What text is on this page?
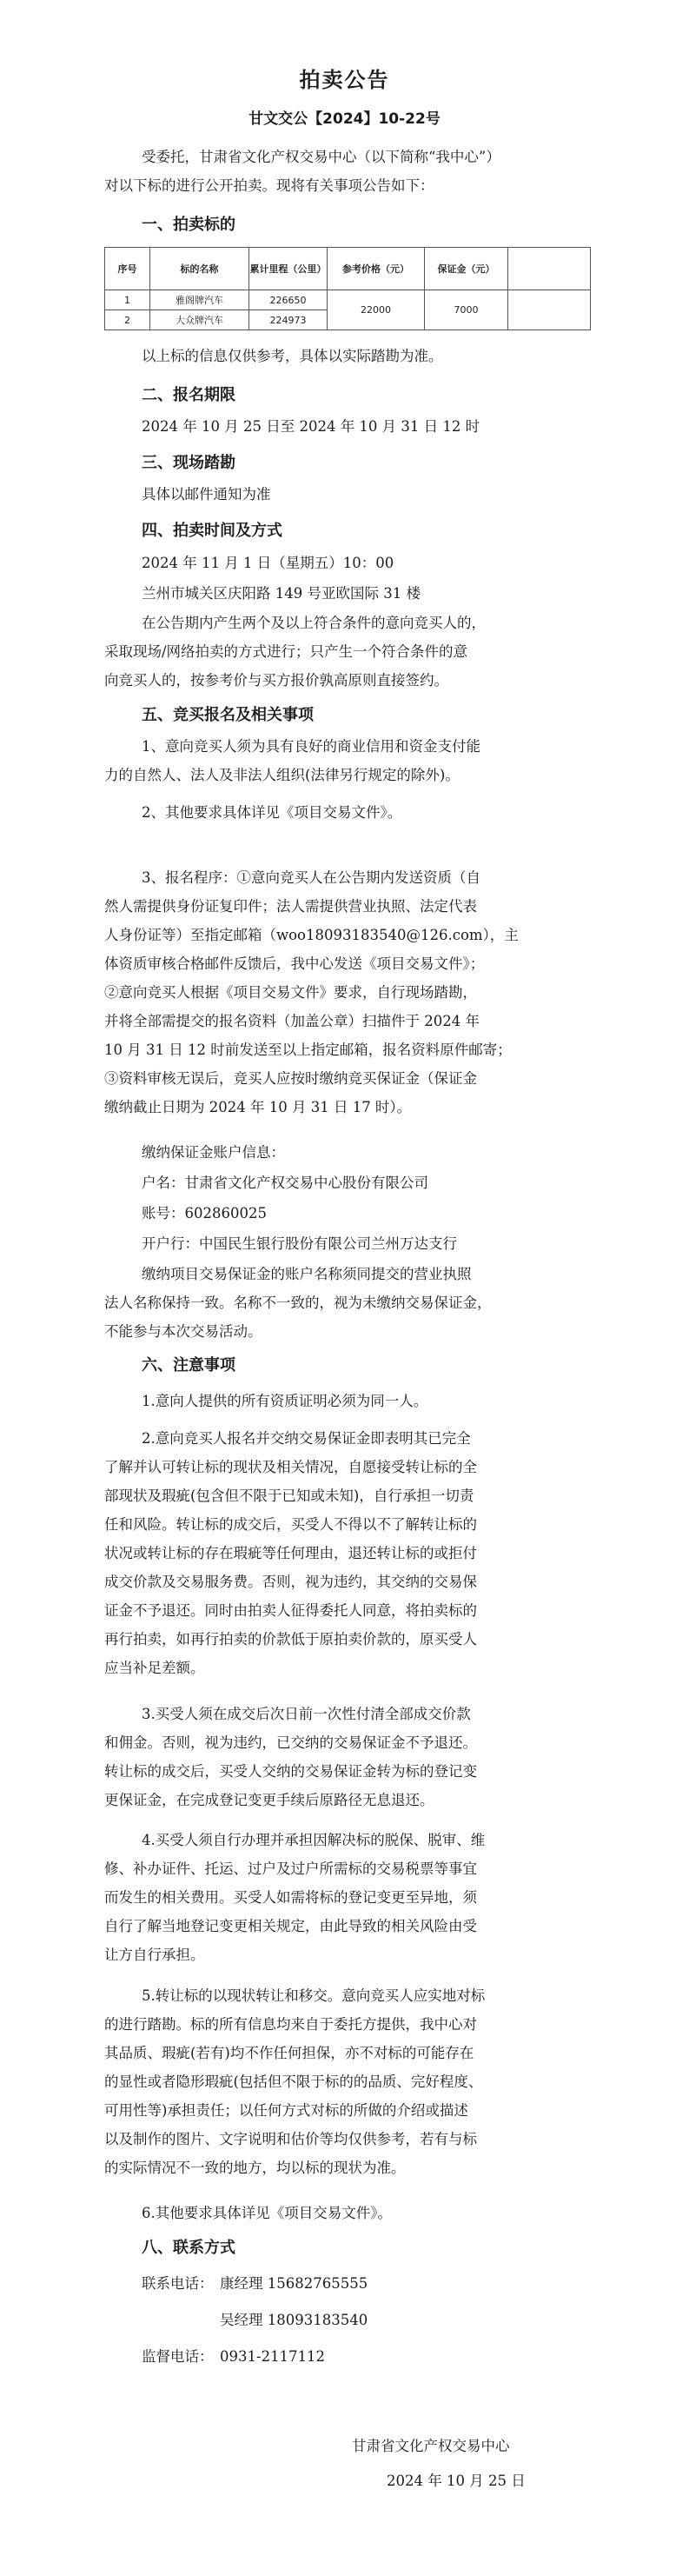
拍卖公告
甘文交公【2024】10-22号
受委托，甘肃省文化产权交易中心（以下简称“我中心”）
对以下标的进行公开拍卖。现将有关事项公告如下：
一、拍卖标的
序号	标的名称	累计里程（公里）	参考价格（元）	保证金（元）	
1	雅阁牌汽车	226650	22000	7000	
2	大众牌汽车	224973			
以上标的信息仅供参考，具体以实际踏勘为准。
二、报名期限
2024 年 10 月 25 日至 2024 年 10 月 31 日 12 时
三、现场踏勘
具体以邮件通知为准
四、拍卖时间及方式
2024 年 11 月 1 日（星期五）10：00
兰州市城关区庆阳路 149 号亚欧国际 31 楼
在公告期内产生两个及以上符合条件的意向竞买人的，
采取现场/网络拍卖的方式进行；只产生一个符合条件的意
向竞买人的，按参考价与买方报价孰高原则直接签约。
五、竞买报名及相关事项
1、意向竞买人须为具有良好的商业信用和资金支付能
力的自然人、法人及非法人组织(法律另行规定的除外)。
2、其他要求具体详见《项目交易文件》。
3、报名程序：①意向竞买人在公告期内发送资质（自
然人需提供身份证复印件；法人需提供营业执照、法定代表
人身份证等）至指定邮箱（woo18093183540@126.com），主
体资质审核合格邮件反馈后，我中心发送《项目交易文件》；
②意向竞买人根据《项目交易文件》要求，自行现场踏勘，
并将全部需提交的报名资料（加盖公章）扫描件于 2024 年
10 月 31 日 12 时前发送至以上指定邮箱，报名资料原件邮寄；
③资料审核无误后，竞买人应按时缴纳竞买保证金（保证金
缴纳截止日期为 2024 年 10 月 31 日 17 时）。
缴纳保证金账户信息：
户名：甘肃省文化产权交易中心股份有限公司
账号：602860025
开户行：中国民生银行股份有限公司兰州万达支行
缴纳项目交易保证金的账户名称须同提交的营业执照
法人名称保持一致。名称不一致的，视为未缴纳交易保证金，
不能参与本次交易活动。
六、注意事项
1.意向人提供的所有资质证明必须为同一人。
2.意向竞买人报名并交纳交易保证金即表明其已完全
了解并认可转让标的现状及相关情况，自愿接受转让标的全
部现状及瑕疵(包含但不限于已知或未知)，自行承担一切责
任和风险。转让标的成交后，买受人不得以不了解转让标的
状况或转让标的存在瑕疵等任何理由，退还转让标的或拒付
成交价款及交易服务费。否则，视为违约，其交纳的交易保
证金不予退还。同时由拍卖人征得委托人同意，将拍卖标的
再行拍卖，如再行拍卖的价款低于原拍卖价款的，原买受人
应当补足差额。
3.买受人须在成交后次日前一次性付清全部成交价款
和佣金。否则，视为违约，已交纳的交易保证金不予退还。
转让标的成交后，买受人交纳的交易保证金转为标的登记变
更保证金，在完成登记变更手续后原路径无息退还。
4.买受人须自行办理并承担因解决标的脱保、脱审、维
修、补办证件、托运、过户及过户所需标的交易税票等事宜
而发生的相关费用。买受人如需将标的登记变更至异地，须
自行了解当地登记变更相关规定，由此导致的相关风险由受
让方自行承担。
5.转让标的以现状转让和移交。意向竞买人应实地对标
的进行踏勘。标的所有信息均来自于委托方提供，我中心对
其品质、瑕疵(若有)均不作任何担保，亦不对标的可能存在
的显性或者隐形瑕疵(包括但不限于标的的品质、完好程度、
可用性等)承担责任；以任何方式对标的所做的介绍或描述
以及制作的图片、文字说明和估价等均仅供参考，若有与标
的实际情况不一致的地方，均以标的现状为准。
6.其他要求具体详见《项目交易文件》。
八、联系方式
联系电话： 康经理 15682765555
吴经理 18093183540
监督电话： 0931-2117112
甘肃省文化产权交易中心
2024 年 10 月 25 日
